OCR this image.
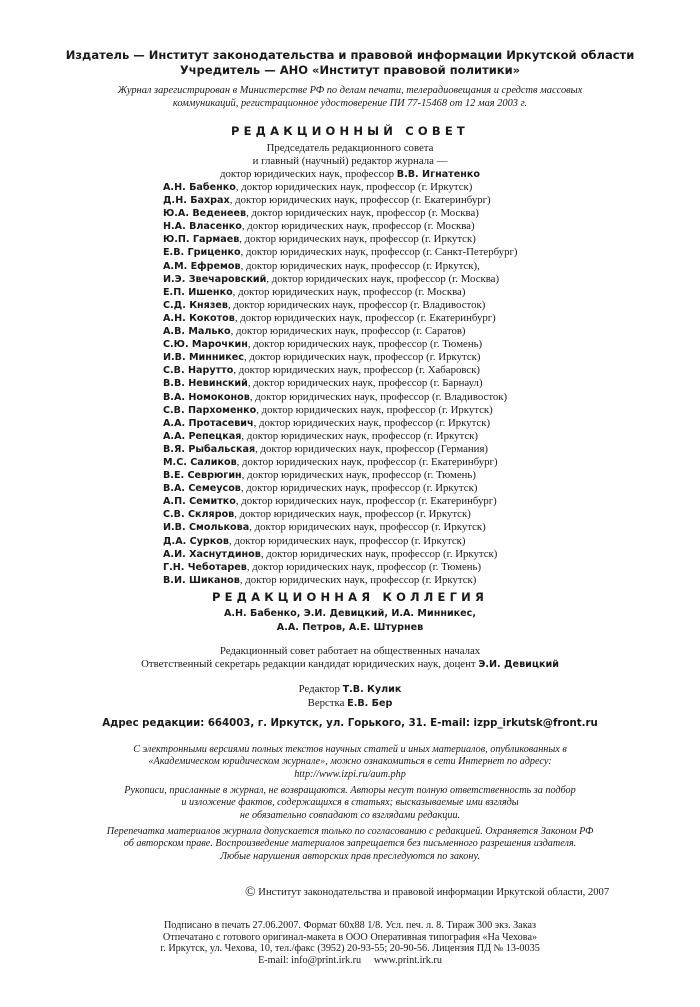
Издатель — Институт законодательства и правовой информации Иркутской области
Учредитель — АНО «Институт правовой политики»
Журнал зарегистрирован в Министерстве РФ по делам печати, телерадиовещания и средств массовых
коммуникаций, регистрационное удостоверение ПИ 77-15468 от 12 мая 2003 г.
РЕДАКЦИОННЫЙ СОВЕТ
Председатель редакционного совета
и главный (научный) редактор журнала —
доктор юридических наук, профессор В.В. Игнатенко
А.Н. Бабенко, доктор юридических наук, профессор (г. Иркутск)
Д.Н. Бахрах, доктор юридических наук, профессор (г. Екатеринбург)
Ю.А. Веденеев, доктор юридических наук, профессор (г. Москва)
Н.А. Власенко, доктор юридических наук, профессор (г. Москва)
Ю.П. Гармаев, доктор юридических наук, профессор (г. Иркутск)
Е.В. Гриценко, доктор юридических наук, профессор (г. Санкт-Петербург)
А.М. Ефремов, доктор юридических наук, профессор (г. Иркутск),
И.Э. Звечаровский, доктор юридических наук, профессор (г. Москва)
Е.П. Ишенко, доктор юридических наук, профессор (г. Москва)
С.Д. Князев, доктор юридических наук, профессор (г. Владивосток)
А.Н. Кокотов, доктор юридических наук, профессор (г. Екатеринбург)
А.В. Малько, доктор юридических наук, профессор (г. Саратов)
С.Ю. Марочкин, доктор юридических наук, профессор (г. Тюмень)
И.В. Минникес, доктор юридических наук, профессор (г. Иркутск)
С.В. Нарутто, доктор юридических наук, профессор (г. Хабаровск)
В.В. Невинский, доктор юридических наук, профессор (г. Барнаул)
В.А. Номоконов, доктор юридических наук, профессор (г. Владивосток)
С.В. Пархоменко, доктор юридических наук, профессор (г. Иркутск)
А.А. Протасевич, доктор юридических наук, профессор (г. Иркутск)
А.А. Репецкая, доктор юридических наук, профессор (г. Иркутск)
В.Я. Рыбальская, доктор юридических наук, профессор (Германия)
М.С. Саликов, доктор юридических наук, профессор (г. Екатеринбург)
В.Е. Севрюгин, доктор юридических наук, профессор (г. Тюмень)
В.А. Семеусов, доктор юридических наук, профессор (г. Иркутск)
А.П. Семитко, доктор юридических наук, профессор (г. Екатеринбург)
С.В. Скляров, доктор юридических наук, профессор (г. Иркутск)
И.В. Смолькова, доктор юридических наук, профессор (г. Иркутск)
Д.А. Сурков, доктор юридических наук, профессор (г. Иркутск)
А.И. Хаснутдинов, доктор юридических наук, профессор (г. Иркутск)
Г.Н. Чеботарев, доктор юридических наук, профессор (г. Тюмень)
В.И. Шиканов, доктор юридических наук, профессор (г. Иркутск)
РЕДАКЦИОННАЯ КОЛЛЕГИЯ
А.Н. Бабенко, Э.И. Девицкий, И.А. Минникес,
А.А. Петров, А.Е. Штурнев
Редакционный совет работает на общественных началах
Ответственный секретарь редакции кандидат юридических наук, доцент Э.И. Девицкий
Редактор Т.В. Кулик
Верстка Е.В. Бер
Адрес редакции: 664003, г. Иркутск, ул. Горького, 31. E-mail: izpp_irkutsk@front.ru
С электронными версиями полных текстов научных статей и иных материалов, опубликованных в
«Академическом юридическом журнале», можно ознакомиться в сети Интернет по адресу:
http://www.izpi.ru/aum.php
Рукописи, присланные в журнал, не возвращаются. Авторы несут полную ответственность за подбор
и изложение фактов, содержащихся в статьях; высказываемые ими взгляды
не обязательно совпадают со взглядами редакции.
Перепечатка материалов журнала допускается только по согласованию с редакцией. Охраняется Законом РФ
об авторском праве. Воспроизведение материалов запрещается без письменного разрешения издателя.
Любые нарушения авторских прав преследуются по закону.
© Институт законодательства и правовой информации Иркутской области, 2007
Подписано в печать 27.06.2007. Формат 60x88 1/8. Усл. печ. л. 8. Тираж 300 экз. Заказ
Отпечатано с готового оригинал-макета в ООО Оперативная типография «На Чехова»
г. Иркутск, ул. Чехова, 10, тел./факс (3952) 20-93-55; 20-90-56. Лицензия ПД № 13-0035
E-mail: info@print.irk.ru     www.print.irk.ru
